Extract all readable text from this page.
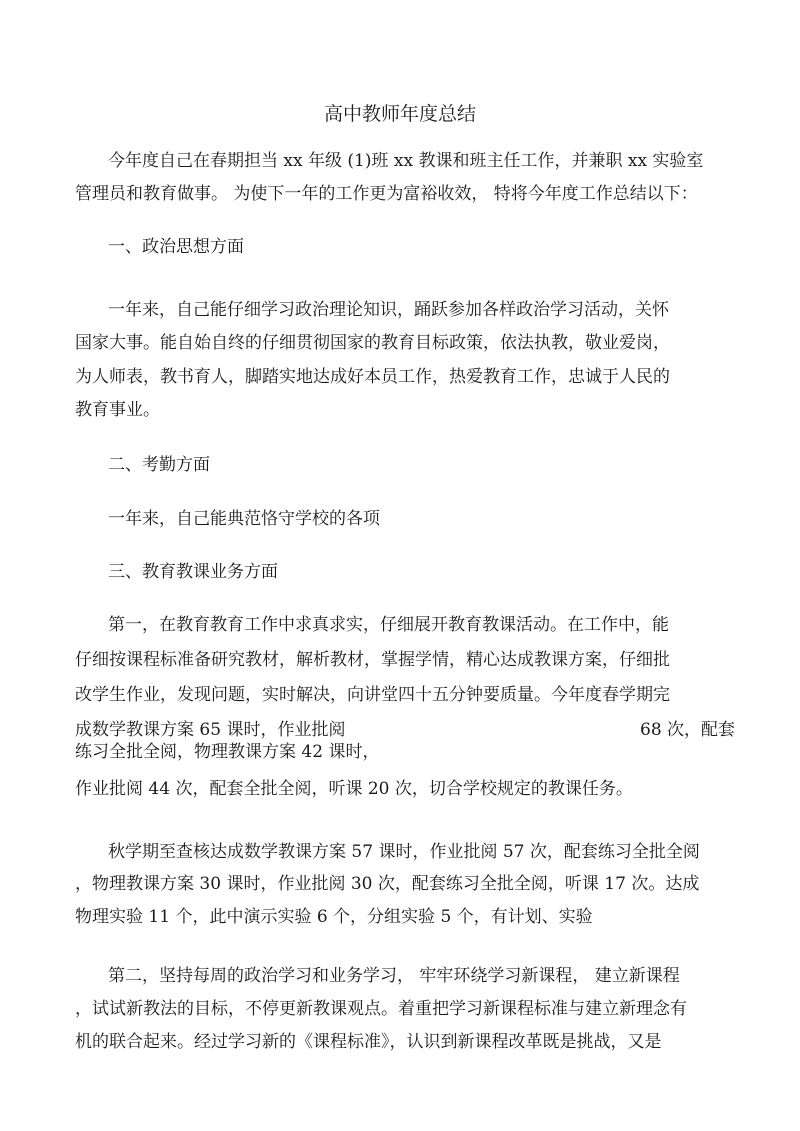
高中教师年度总结
今年度自己在春期担当 xx 年级 (1)班 xx 教课和班主任工作，并兼职 xx 实验室
管理员和教育做事。 为使下一年的工作更为富裕收效， 特将今年度工作总结以下：
一、政治思想方面
一年来，自己能仔细学习政治理论知识，踊跃参加各样政治学习活动，关怀
国家大事。能自始自终的仔细贯彻国家的教育目标政策，依法执教，敬业爱岗，
为人师表，教书育人，脚踏实地达成好本员工作，热爱教育工作，忠诚于人民的
教育事业。
二、考勤方面
一年来，自己能典范恪守学校的各项
三、教育教课业务方面
第一，在教育教育工作中求真求实，仔细展开教育教课活动。在工作中，能
仔细按课程标准备研究教材，解析教材，掌握学情，精心达成教课方案，仔细批
改学生作业，发现问题，实时解决，向讲堂四十五分钟要质量。今年度春学期完
成数学教课方案 65 课时，作业批阅	68 次，配套
练习全批全阅，物理教课方案 42 课时，
作业批阅 44 次，配套全批全阅，听课 20 次，切合学校规定的教课任务。
秋学期至查核达成数学教课方案 57 课时，作业批阅 57 次，配套练习全批全阅
，物理教课方案 30 课时，作业批阅 30 次，配套练习全批全阅，听课 17 次。达成
物理实验 11 个，此中演示实验 6 个，分组实验 5 个，有计划、实验
第二，坚持每周的政治学习和业务学习， 牢牢环绕学习新课程， 建立新课程
，试试新教法的目标，不停更新教课观点。着重把学习新课程标准与建立新理念有
机的联合起来。经过学习新的《课程标准》，认识到新课程改革既是挑战，又是
